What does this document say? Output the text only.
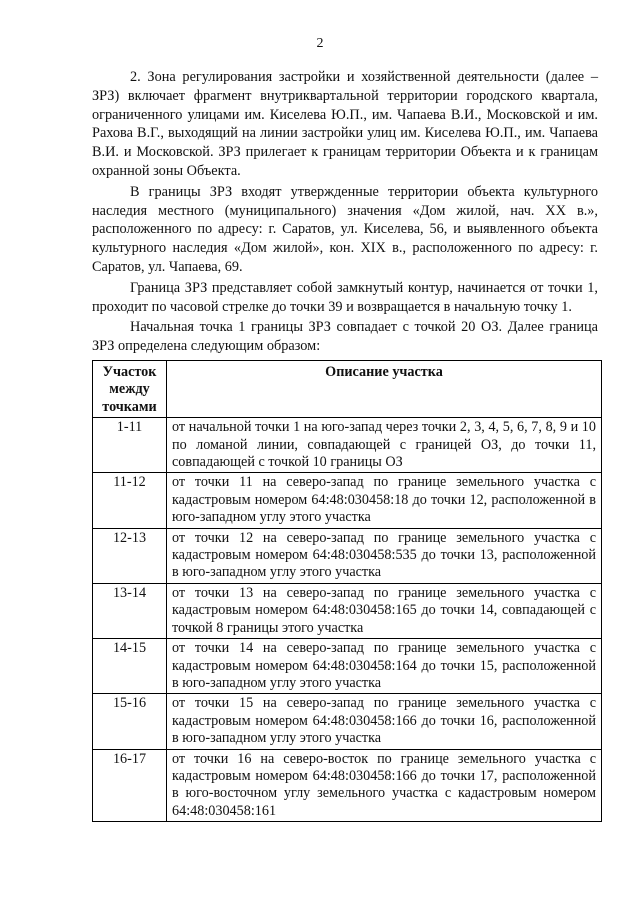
2

2. Зона регулирования застройки и хозяйственной деятельности (далее – ЗРЗ) включает фрагмент внутриквартальной территории городского квартала, ограниченного улицами им. Киселева Ю.П., им. Чапаева В.И., Московской и им. Рахова В.Г., выходящий на линии застройки улиц им. Киселева Ю.П., им. Чапаева В.И. и Московской. ЗРЗ прилегает к границам территории Объекта и к границам охранной зоны Объекта.

В границы ЗРЗ входят утвержденные территории объекта культурного наследия местного (муниципального) значения «Дом жилой, нач. XX в.», расположенного по адресу: г. Саратов, ул. Киселева, 56, и выявленного объекта культурного наследия «Дом жилой», кон. XIX в., расположенного по адресу: г. Саратов, ул. Чапаева, 69.

Граница ЗРЗ представляет собой замкнутый контур, начинается от точки 1, проходит по часовой стрелке до точки 39 и возвращается в начальную точку 1.

Начальная точка 1 границы ЗРЗ совпадает с точкой 20 ОЗ. Далее граница ЗРЗ определена следующим образом:

Участок между точками	Описание участка
1-11	от начальной точки 1 на юго-запад через точки 2, 3, 4, 5, 6, 7, 8, 9 и 10 по ломаной линии, совпадающей с границей ОЗ, до точки 11, совпадающей с точкой 10 границы ОЗ
11-12	от точки 11 на северо-запад по границе земельного участка с кадастровым номером 64:48:030458:18 до точки 12, расположенной в юго-западном углу этого участка
12-13	от точки 12 на северо-запад по границе земельного участка с кадастровым номером 64:48:030458:535 до точки 13, расположенной в юго-западном углу этого участка
13-14	от точки 13 на северо-запад по границе земельного участка с кадастровым номером 64:48:030458:165 до точки 14, совпадающей с точкой 8 границы этого участка
14-15	от точки 14 на северо-запад по границе земельного участка с кадастровым номером 64:48:030458:164 до точки 15, расположенной в юго-западном углу этого участка
15-16	от точки 15 на северо-запад по границе земельного участка с кадастровым номером 64:48:030458:166 до точки 16, расположенной в юго-западном углу этого участка
16-17	от точки 16 на северо-восток по границе земельного участка с кадастровым номером 64:48:030458:166 до точки 17, расположенной в юго-восточном углу земельного участка с кадастровым номером 64:48:030458:161
